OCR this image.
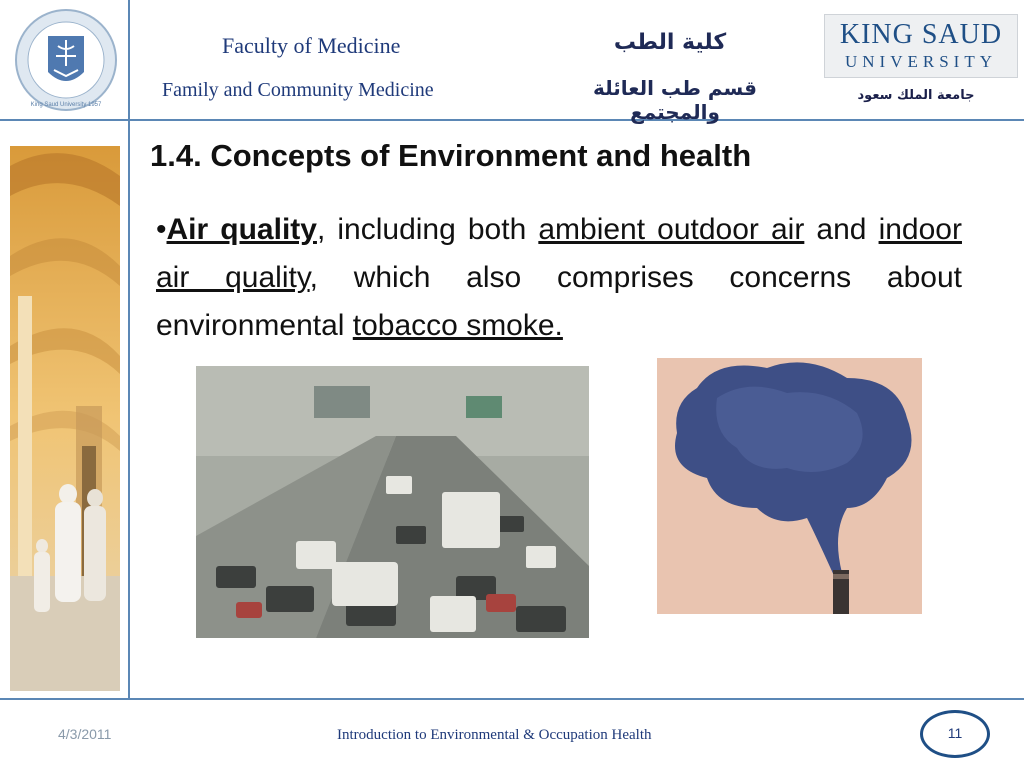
King Saud University 1957
Faculty of Medicine
Family and Community Medicine
كلية الطب
قسم طب العائلة والمجتمع
KING SAUD
UNIVERSITY
جامعة الملك سعود
1.4. Concepts of Environment and health
•Air quality, including both ambient outdoor air and indoor air quality, which also comprises concerns about environmental tobacco smoke.
4/3/2011	Introduction to Environmental & Occupation Health	11
